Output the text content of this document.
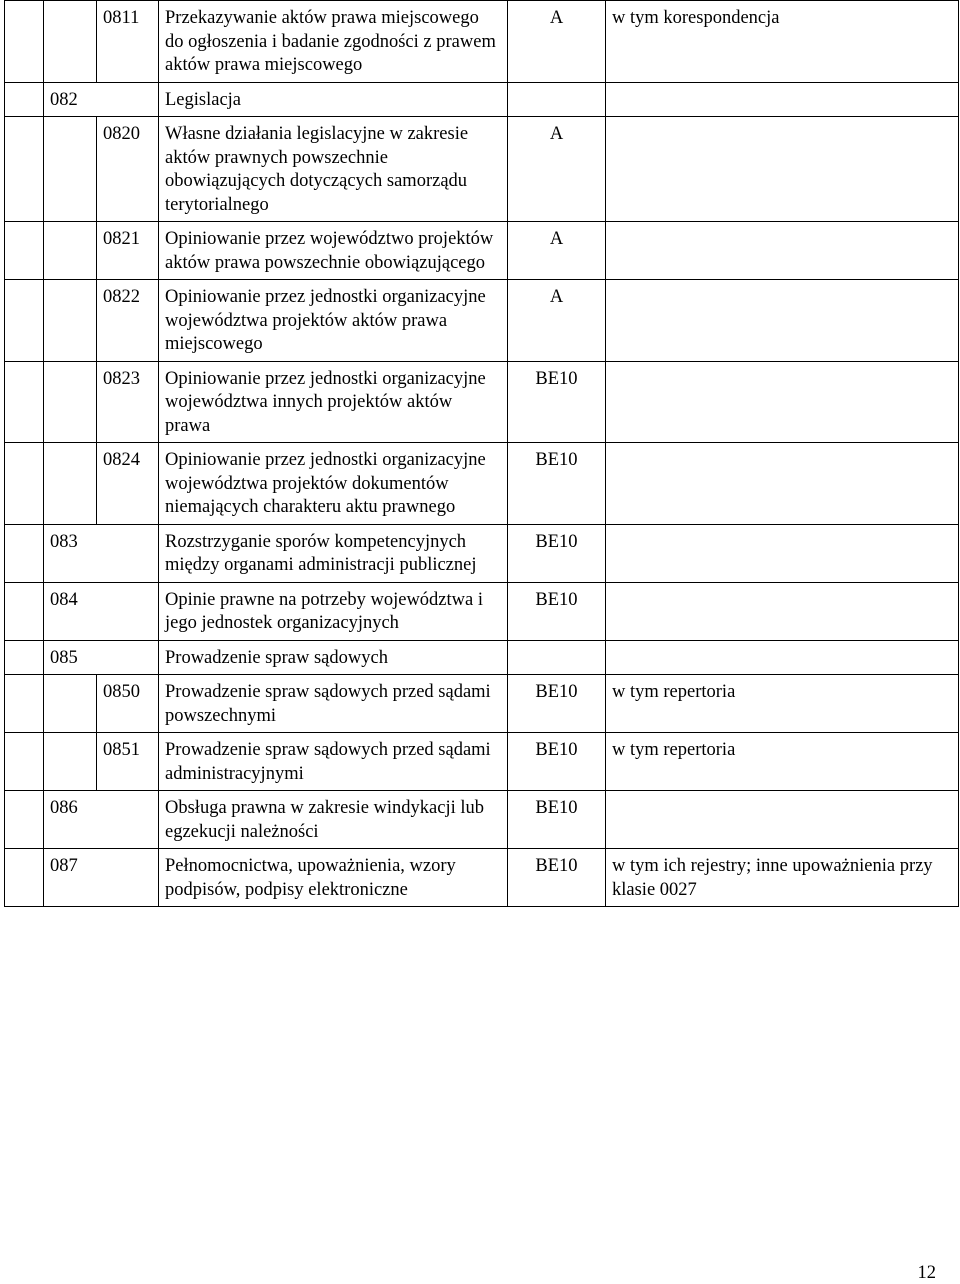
		0811	Przekazywanie aktów prawa miejscowego do ogłoszenia i badanie zgodności z prawem aktów prawa miejscowego	A	w tym korespondencja
	082		Legislacja		
		0820	Własne działania legislacyjne w zakresie aktów prawnych powszechnie obowiązujących dotyczących samorządu terytorialnego	A	
		0821	Opiniowanie przez województwo projektów aktów prawa powszechnie obowiązującego	A	
		0822	Opiniowanie przez jednostki organizacyjne województwa projektów aktów prawa miejscowego	A	
		0823	Opiniowanie przez jednostki organizacyjne województwa innych projektów aktów prawa	BE10	
		0824	Opiniowanie przez jednostki organizacyjne województwa projektów dokumentów niemających charakteru aktu prawnego	BE10	
	083		Rozstrzyganie sporów kompetencyjnych między organami administracji publicznej	BE10	
	084		Opinie prawne na potrzeby województwa i jego jednostek organizacyjnych	BE10	
	085		Prowadzenie spraw sądowych		
		0850	Prowadzenie spraw sądowych przed sądami powszechnymi	BE10	w tym repertoria
		0851	Prowadzenie spraw sądowych przed sądami administracyjnymi	BE10	w tym repertoria
	086		Obsługa prawna w zakresie windykacji lub egzekucji należności	BE10	
	087		Pełnomocnictwa, upoważnienia, wzory podpisów, podpisy elektroniczne	BE10	w tym ich rejestry; inne upoważnienia przy klasie 0027
12
